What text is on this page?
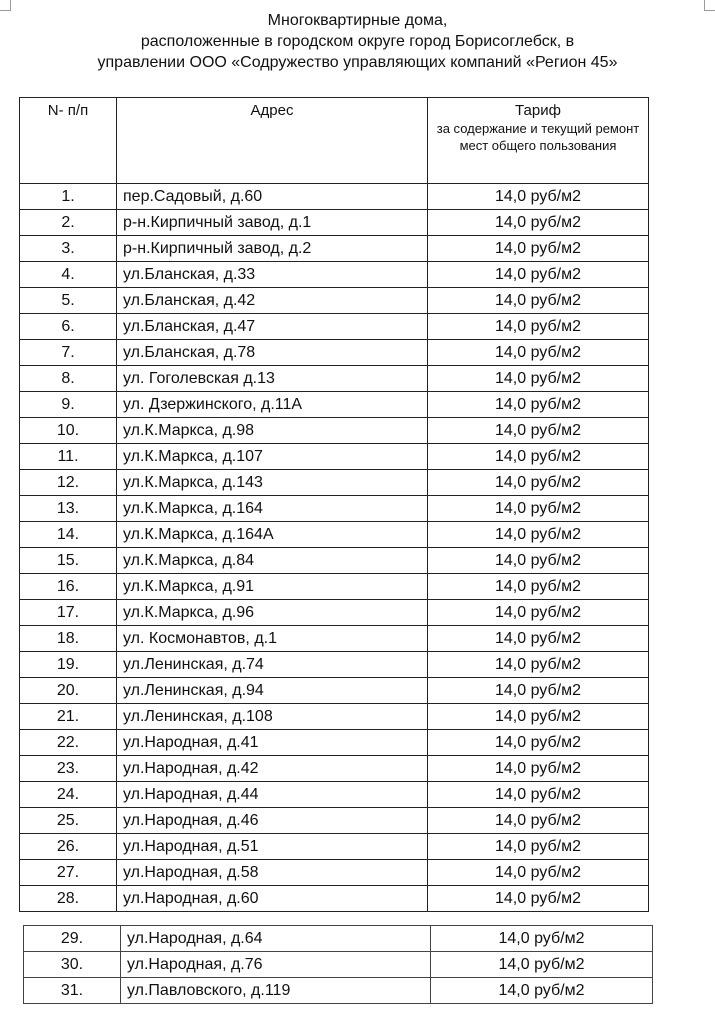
Многоквартирные дома,
расположенные в городском округе город Борисоглебск, в
управлении ООО «Содружество управляющих компаний «Регион 45»
N- п/п	Адрес	Тариф
за содержание и текущий ремонт мест общего пользования

1.	пер.Садовый, д.60	14,0 руб/м2
2.	р-н.Кирпичный завод, д.1	14,0 руб/м2
3.	р-н.Кирпичный завод, д.2	14,0 руб/м2
4.	ул.Бланская, д.33	14,0 руб/м2
5.	ул.Бланская, д.42	14,0 руб/м2
6.	ул.Бланская, д.47	14,0 руб/м2
7.	ул.Бланская, д.78	14,0 руб/м2
8.	ул. Гоголевская д.13	14,0 руб/м2
9.	ул. Дзержинского, д.11А	14,0 руб/м2
10.	ул.К.Маркса, д.98	14,0 руб/м2
11.	ул.К.Маркса, д.107	14,0 руб/м2
12.	ул.К.Маркса, д.143	14,0 руб/м2
13.	ул.К.Маркса, д.164	14,0 руб/м2
14.	ул.К.Маркса, д.164А	14,0 руб/м2
15.	ул.К.Маркса, д.84	14,0 руб/м2
16.	ул.К.Маркса, д.91	14,0 руб/м2
17.	ул.К.Маркса, д.96	14,0 руб/м2
18.	ул. Космонавтов, д.1	14,0 руб/м2
19.	ул.Ленинская, д.74	14,0 руб/м2
20.	ул.Ленинская, д.94	14,0 руб/м2
21.	ул.Ленинская, д.108	14,0 руб/м2
22.	ул.Народная, д.41	14,0 руб/м2
23.	ул.Народная, д.42	14,0 руб/м2
24.	ул.Народная, д.44	14,0 руб/м2
25.	ул.Народная, д.46	14,0 руб/м2
26.	ул.Народная, д.51	14,0 руб/м2
27.	ул.Народная, д.58	14,0 руб/м2
28.	ул.Народная, д.60	14,0 руб/м2
29.	ул.Народная, д.64	14,0 руб/м2
30.	ул.Народная, д.76	14,0 руб/м2
31.	ул.Павловского, д.119	14,0 руб/м2
